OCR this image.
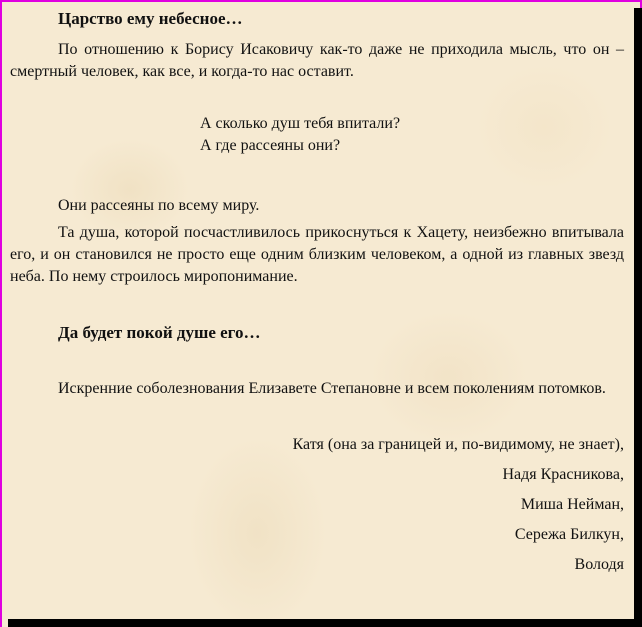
Царство ему небесное…

По отношению к Борису Исаковичу как-то даже не приходила мысль, что он – смертный человек, как все, и когда-то нас оставит.

А сколько душ тебя впитали?

А где рассеяны они?

Они рассеяны по всему миру.

Та душа, которой посчастливилось прикоснуться к Хацету, неизбежно впитывала его, и он становился не просто еще одним близким человеком, а одной из главных звезд неба. По нему строилось миропонимание.

Да будет покой душе его…

Искренние соболезнования Елизавете Степановне и всем поколениям потомков.

Катя (она за границей и, по-видимому, не знает),

Надя Красникова,

Миша Нейман,

Сережа Билкун,

Володя
